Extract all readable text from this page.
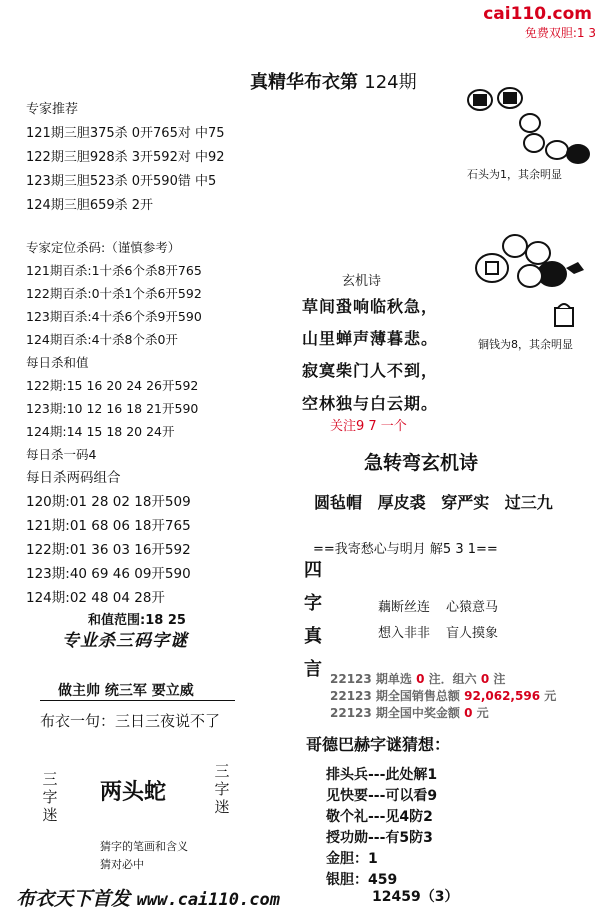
cai110.com
免费双胆:1 3
真精华布衣第 124期
专家推荐
121期三胆375杀 0开765对 中75
122期三胆928杀 3开592对 中92
123期三胆523杀 0开590错 中5
124期三胆659杀 2开
专家定位杀码:（谨慎参考）
121期百杀:1十杀6个杀8开765
122期百杀:0十杀1个杀6开592
123期百杀:4十杀6个杀9开590
124期百杀:4十杀8个杀0开
每日杀和值
122期:15 16 20 24 26开592
123期:10 12 16 18 21开590
124期:14 15 18 20 24开
每日杀一码4
每日杀两码组合
120期:01 28 02 18开509
121期:01 68 06 18开765
122期:01 36 03 16开592
123期:40 69 46 09开590
124期:02 48 04 28开
和值范围:18 25
专业杀三码字谜
做主帅 统三军 要立威
布衣一句：三日三夜说不了
三
字
迷
两头蛇
三
字
迷
猜字的笔画和含义
猜对必中
布衣天下首发 www.cai110.com
石头为1，其余明显
铜钱为8，其余明显
玄机诗
草间蛩响临秋急，
山里蝉声薄暮悲。
寂寞柴门人不到，
空林独与白云期。
关注9 7 一个
急转弯玄机诗
圆毡帽 厚皮裘 穿严实 过三九
==我寄愁心与明月 解5 3 1==
四
字
真
言
藕断丝连 心猿意马
想入非非 盲人摸象
22123 期单选 0 注．组六 0 注
22123 期全国销售总额 92,062,596 元
22123 期全国中奖金额 0 元
哥德巴赫字谜猜想：
排头兵---此处解1
见快要---可以看9
敬个礼---见4防2
授功勋---有5防3
金胆：1
银胆：459
12459（3）
